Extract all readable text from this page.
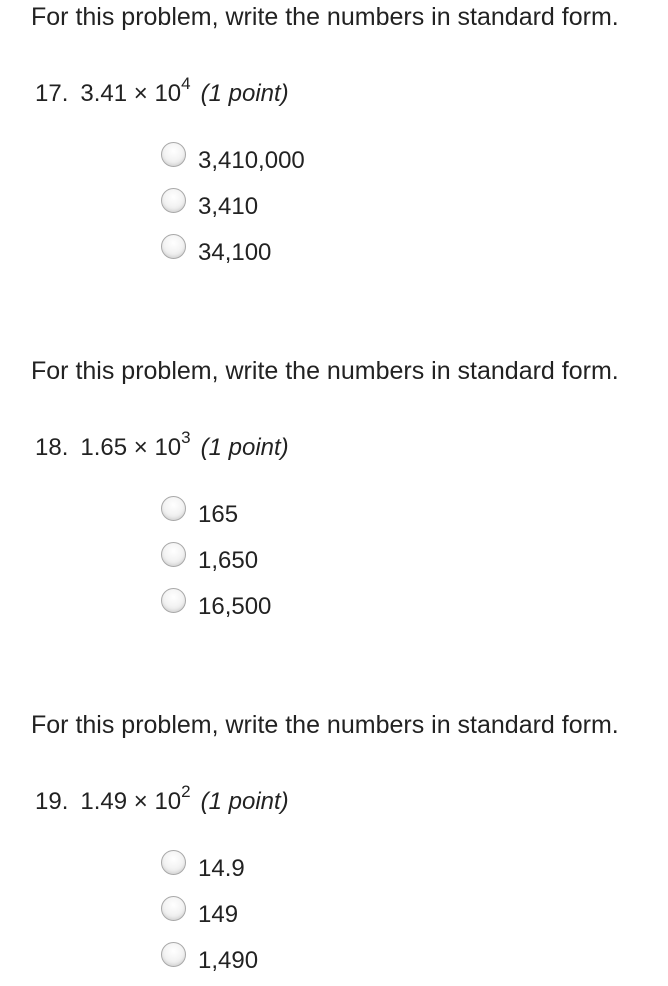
For this problem, write the numbers in standard form.
17. $3.41 \times 10^4$ (1 point)
3,410,000
3,410
34,100
For this problem, write the numbers in standard form.
18. $1.65 \times 10^3$ (1 point)
165
1,650
16,500
For this problem, write the numbers in standard form.
19. $1.49 \times 10^2$ (1 point)
14.9
149
1,490
